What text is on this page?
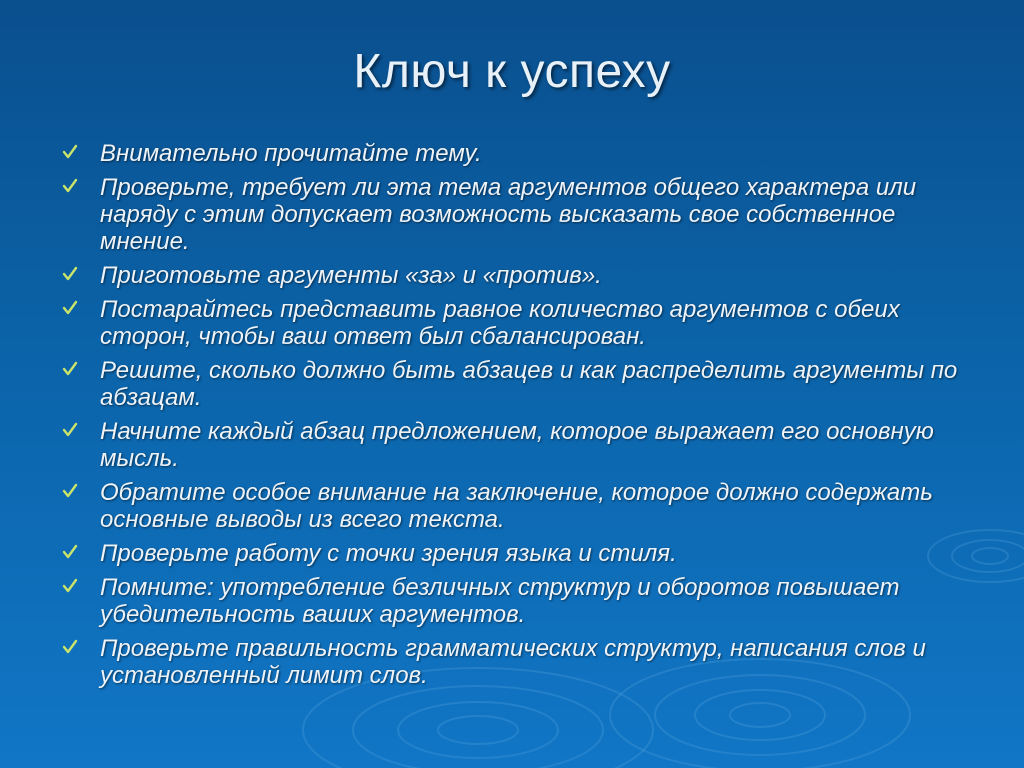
Ключ к успеху
Внимательно прочитайте тему.
Проверьте, требует ли эта тема аргументов общего характера или наряду с этим допускает возможность высказать свое собственное мнение.
Приготовьте аргументы «за» и «против».
Постарайтесь представить равное количество аргументов с обеих сторон, чтобы ваш ответ был сбалансирован.
Решите, сколько должно быть абзацев и как распределить аргументы по абзацам.
Начните каждый абзац предложением, которое выражает его основную мысль.
Обратите особое внимание на заключение, которое должно содержать основные выводы из всего текста.
Проверьте работу с точки зрения языка и стиля.
Помните: употребление безличных структур и оборотов повышает убедительность ваших аргументов.
Проверьте правильность грамматических структур, написания слов и установленный лимит слов.
